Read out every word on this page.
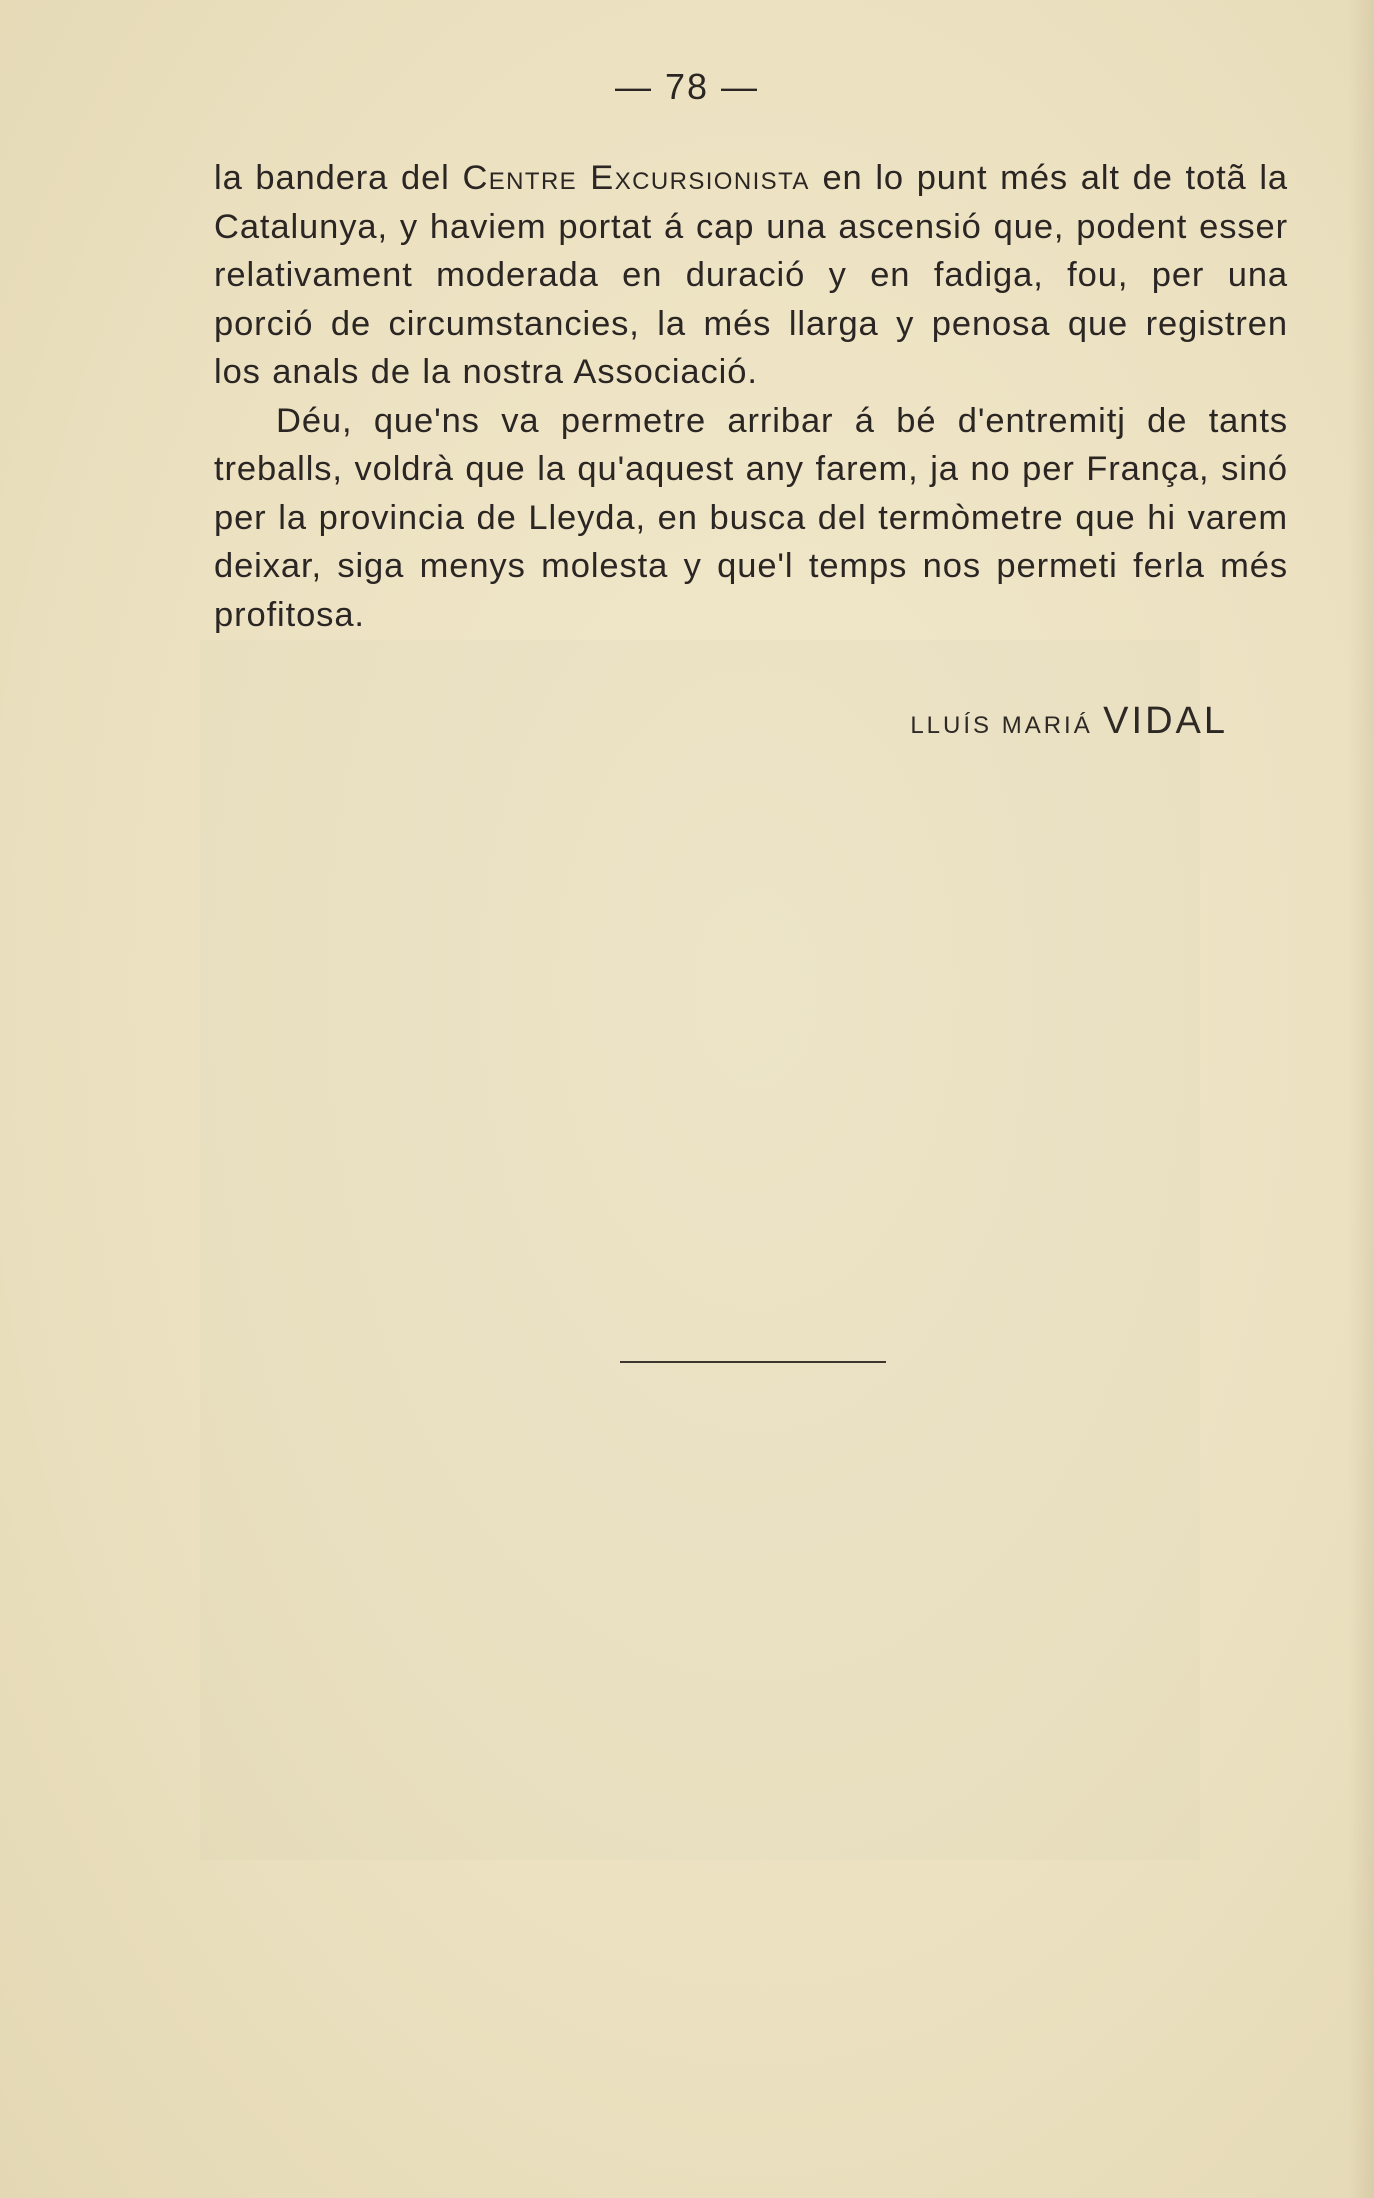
— 78 —

la bandera del Centre Excursionista en lo punt més alt de totã la Catalunya, y haviem portat á cap una ascensió que, podent esser relativament moderada en duració y en fadiga, fou, per una porció de circumstancies, la més llarga y penosa que registren los anals de la nostra Associació.

Déu, que'ns va permetre arribar á bé d'entremitj de tants treballs, voldrà que la qu'aquest any farem, ja no per França, sinó per la provincia de Lleyda, en busca del termòmetre que hi varem deixar, siga menys molesta y que'l temps nos permeti ferla més profitosa.

LLUÍS MARIÁ VIDAL
